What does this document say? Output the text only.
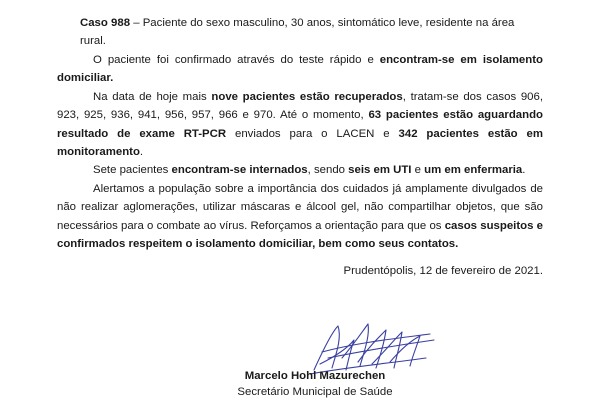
Caso 988 – Paciente do sexo masculino, 30 anos, sintomático leve, residente na área rural.

O paciente foi confirmado através do teste rápido e encontram-se em isolamento domiciliar.

Na data de hoje mais nove pacientes estão recuperados, tratam-se dos casos 906, 923, 925, 936, 941, 956, 957, 966 e 970. Até o momento, 63 pacientes estão aguardando resultado de exame RT-PCR enviados para o LACEN e 342 pacientes estão em monitoramento.

Sete pacientes encontram-se internados, sendo seis em UTI e um em enfermaria.

Alertamos a população sobre a importância dos cuidados já amplamente divulgados de não realizar aglomerações, utilizar máscaras e álcool gel, não compartilhar objetos, que são necessários para o combate ao vírus. Reforçamos a orientação para que os casos suspeitos e confirmados respeitem o isolamento domiciliar, bem como seus contatos.

Prudentópolis, 12 de fevereiro de 2021.

Marcelo Hohl Mazurechen

Secretário Municipal de Saúde
